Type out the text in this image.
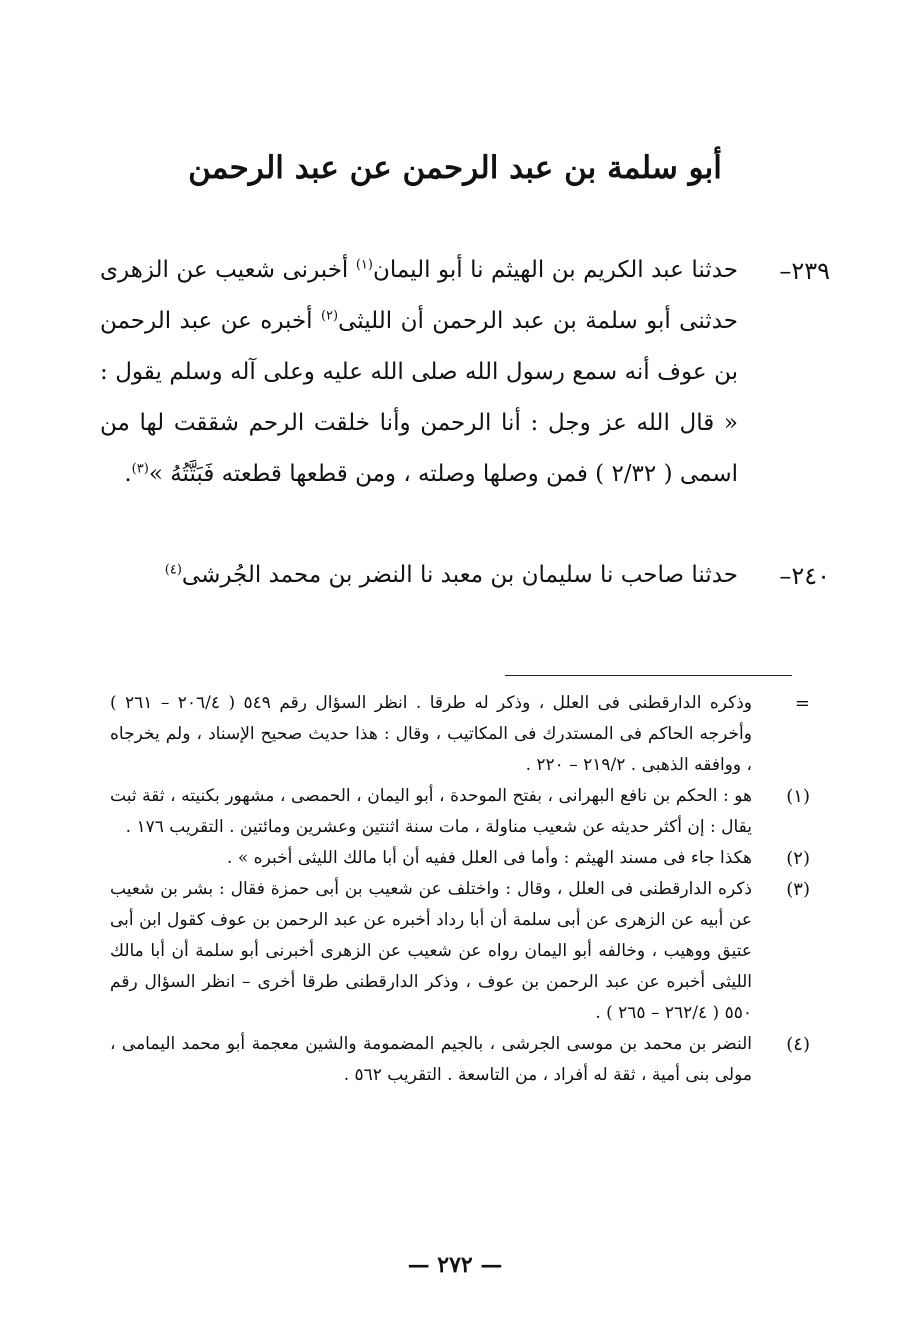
أبو سلمة بن عبد الرحمن عن عبد الرحمن
٢٣٩–
حدثنا عبد الكريم بن الهيثم نا أبو اليمان$^{(١)}$ أخبرنى شعيب عن الزهرى حدثنى أبو سلمة بن عبد الرحمن أن الليثى$^{(٢)}$ أخبره عن عبد الرحمن بن عوف أنه سمع رسول الله صلى الله عليه وعلى آله وسلم يقول : « قال الله عز وجل : أنا الرحمن وأنا خلقت الرحم شققت لها من اسمى ( ٢/٣٢ ) فمن وصلها وصلته ، ومن قطعها قطعته فَبَتَّتُهُ »$^{(٣)}$.
٢٤٠–
حدثنا صاحب نا سليمان بن معبد نا النضر بن محمد الجُرشى$^{(٤)}$
=
وذكره الدارقطنى فى العلل ، وذكر له طرقا . انظر السؤال رقم ٥٤٩ ( ٢٠٦/٤ – ٢٦١ ) وأخرجه الحاكم فى المستدرك فى المكاتيب ، وقال : هذا حديث صحيح الإسناد ، ولم يخرجاه ، ووافقه الذهبى . ٢١٩/٢ – ٢٢٠ .
(١)
هو : الحكم بن نافع البهرانى ، بفتح الموحدة ، أبو اليمان ، الحمصى ، مشهور بكنيته ، ثقة ثبت يقال : إن أكثر حديثه عن شعيب مناولة ، مات سنة اثنتين وعشرين ومائتين . التقريب ١٧٦ .
(٢)
هكذا جاء فى مسند الهيثم : وأما فى العلل ففيه أن أبا مالك الليثى أخبره » .
(٣)
ذكره الدارقطنى فى العلل ، وقال : واختلف عن شعيب بن أبى حمزة فقال : بشر بن شعيب عن أبيه عن الزهرى عن أبى سلمة أن أبا رداد أخبره عن عبد الرحمن بن عوف كقول ابن أبى عتيق ووهيب ، وخالفه أبو اليمان رواه عن شعيب عن الزهرى أخبرنى أبو سلمة أن أبا مالك الليثى أخبره عن عبد الرحمن بن عوف ، وذكر الدارقطنى طرقا أخرى – انظر السؤال رقم ٥٥٠ ( ٢٦٢/٤ – ٢٦٥ ) .
(٤)
النضر بن محمد بن موسى الجرشى ، بالجيم المضمومة والشين معجمة أبو محمد اليمامى ، مولى بنى أمية ، ثقة له أفراد ، من التاسعة . التقريب ٥٦٢ .
— ٢٧٢ —
